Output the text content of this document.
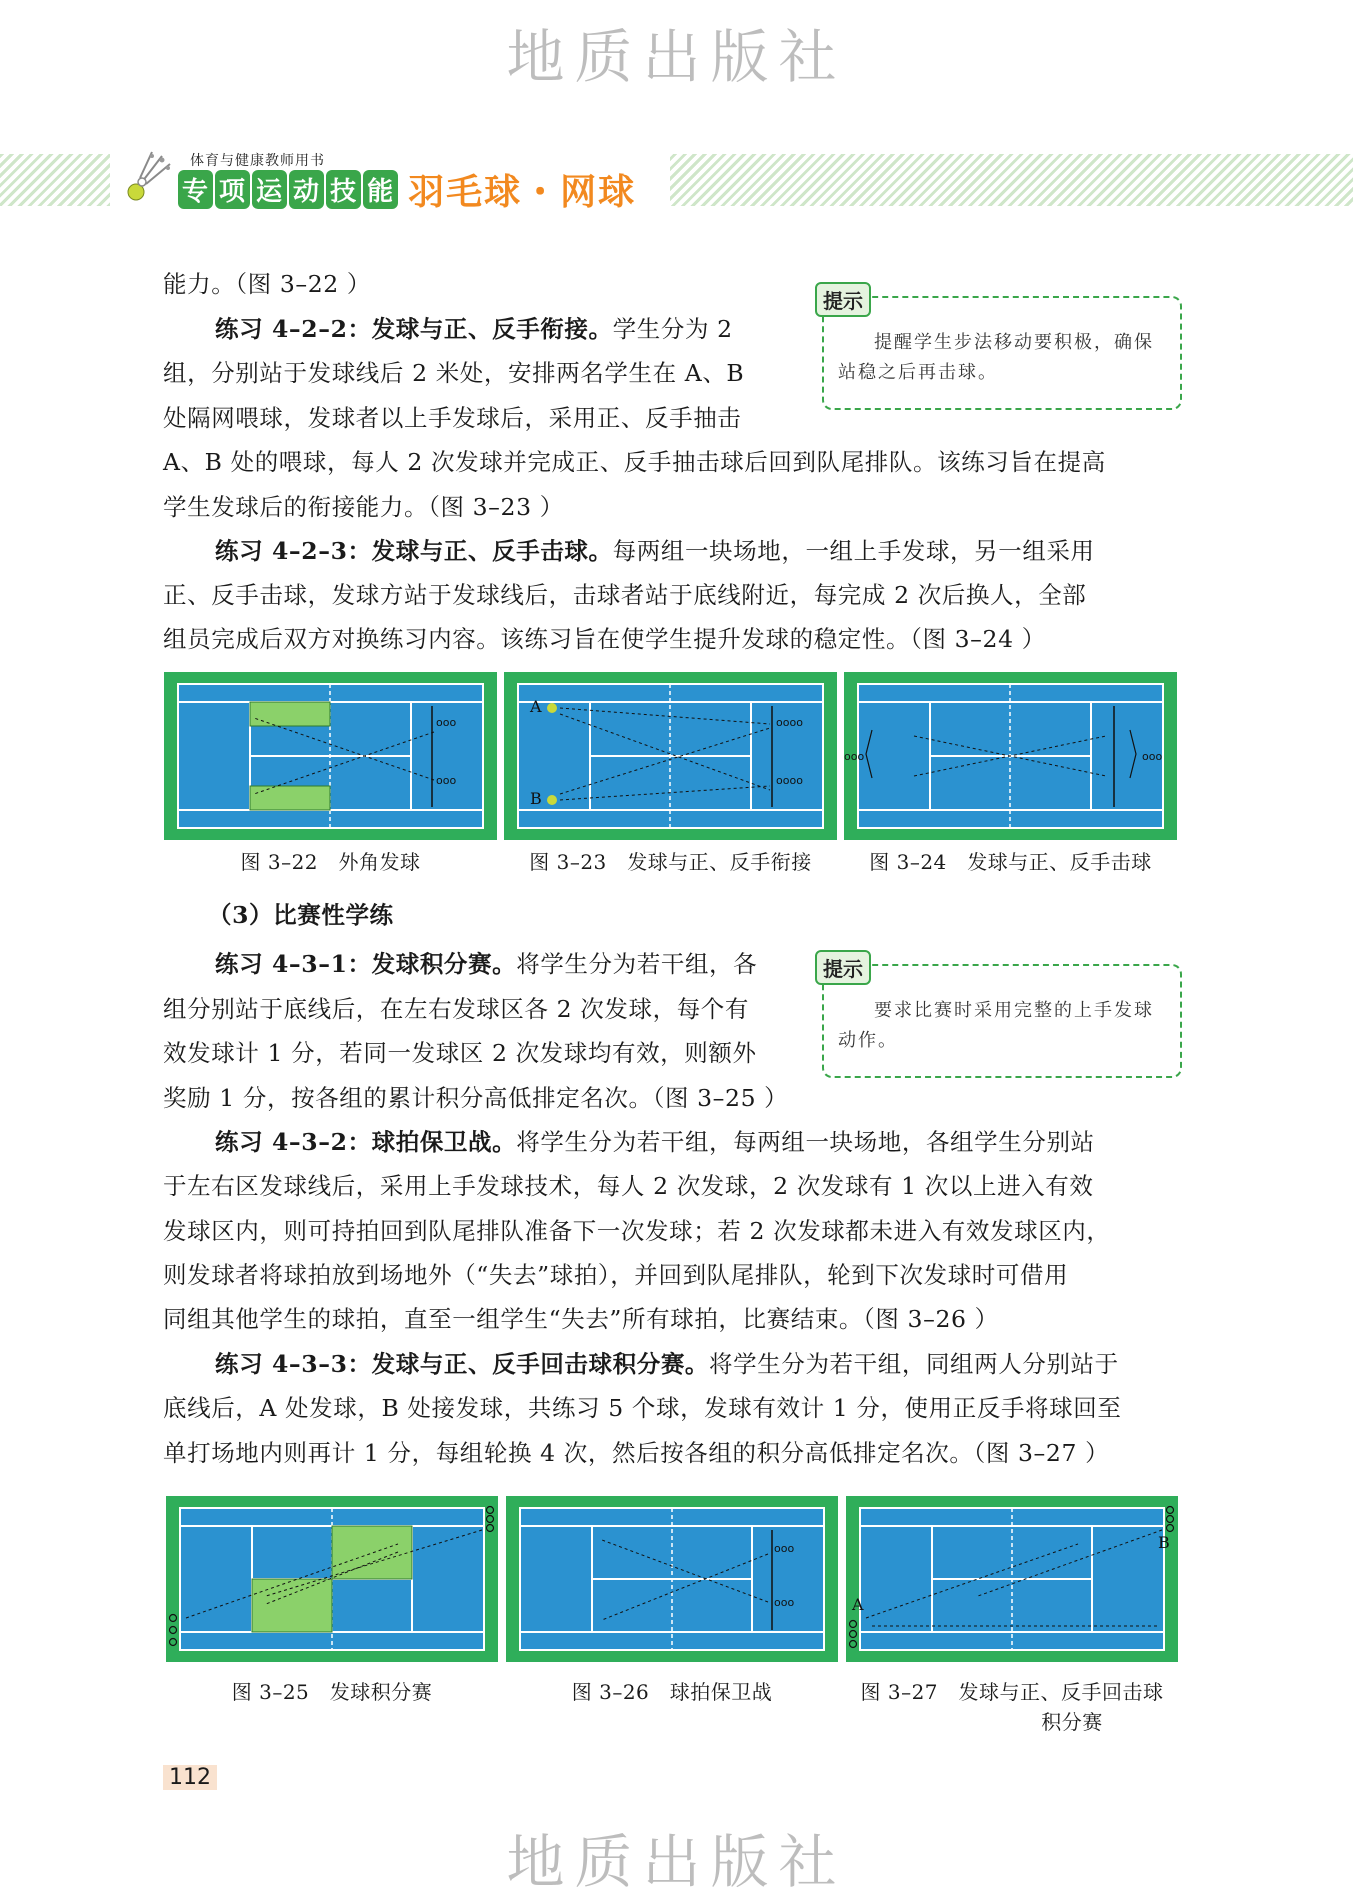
地质出版社
地质出版社
体育与健康教师用书
专 项 运 动 技 能 羽毛球・网球
能力。（图 3–22 ）
练习 4–2–2：发球与正、反手衔接。学生分为 2
组，分别站于发球线后 2 米处，安排两名学生在 A、B
处隔网喂球，发球者以上手发球后，采用正、反手抽击
A、B 处的喂球，每人 2 次发球并完成正、反手抽击球后回到队尾排队。该练习旨在提高
学生发球后的衔接能力。（图 3–23 ）
练习 4–2–3：发球与正、反手击球。每两组一块场地，一组上手发球，另一组采用
正、反手击球，发球方站于发球线后，击球者站于底线附近，每完成 2 次后换人，全部
组员完成后双方对换练习内容。该练习旨在使学生提升发球的稳定性。（图 3–24 ）
提醒学生步法移动要积极，确保站稳之后再击球。
提示
ooo
ooo
A
B
oooo
oooo
ooo	ooo
图 3–22　 外角发球	图 3–23　 发球与正、反手衔接	图 3–24　 发球与正、反手击球
（3）比赛性学练
练习 4–3–1：发球积分赛。将学生分为若干组，各
组分别站于底线后，在左右发球区各 2 次发球，每个有
效发球计 1 分，若同一发球区 2 次发球均有效，则额外
奖励 1 分，按各组的累计积分高低排定名次。（图 3–25 ）
要求比赛时采用完整的上手发球动作。
提示
练习 4–3–2：球拍保卫战。将学生分为若干组，每两组一块场地，各组学生分别站
于左右区发球线后，采用上手发球技术，每人 2 次发球，2 次发球有 1 次以上进入有效
发球区内，则可持拍回到队尾排队准备下一次发球；若 2 次发球都未进入有效发球区内，
则发球者将球拍放到场地外（“失去”球拍），并回到队尾排队，轮到下次发球时可借用
同组其他学生的球拍，直至一组学生“失去”所有球拍，比赛结束。（图 3–26 ）
练习 4–3–3：发球与正、反手回击球积分赛。将学生分为若干组，同组两人分别站于
底线后，A 处发球，B 处接发球，共练习 5 个球，发球有效计 1 分，使用正反手将球回至
单打场地内则再计 1 分，每组轮换 4 次，然后按各组的积分高低排定名次。（图 3–27 ）
ooo
ooo	A
B
图 3–25　 发球积分赛	图 3–26　 球拍保卫战	图 3–27　 发球与正、反手回击球
积分赛
112
